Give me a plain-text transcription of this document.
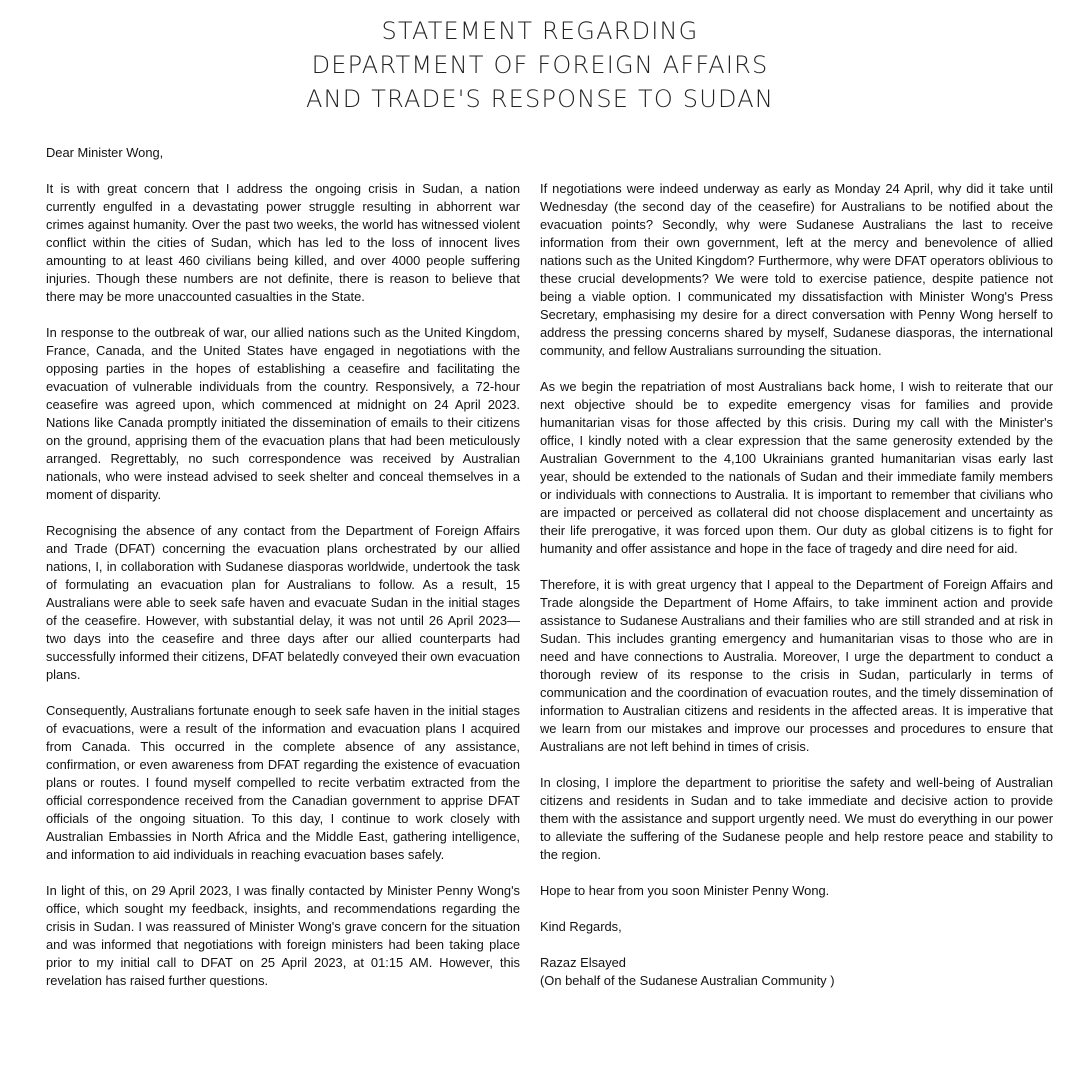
STATEMENT REGARDING
DEPARTMENT OF FOREIGN AFFAIRS
AND TRADE'S RESPONSE TO SUDAN

Dear Minister Wong,

It is with great concern that I address the ongoing crisis in Sudan, a nation currently engulfed in a devastating power struggle resulting in abhorrent war crimes against humanity. Over the past two weeks, the world has witnessed violent conflict within the cities of Sudan, which has led to the loss of innocent lives amounting to at least 460 civilians being killed, and over 4000 people suffering injuries. Though these numbers are not definite, there is reason to believe that there may be more unaccounted casualties in the State.

In response to the outbreak of war, our allied nations such as the United Kingdom, France, Canada, and the United States have engaged in negotiations with the opposing parties in the hopes of establishing a ceasefire and facilitating the evacuation of vulnerable individuals from the country. Responsively, a 72-hour ceasefire was agreed upon, which commenced at midnight on 24 April 2023. Nations like Canada promptly initiated the dissemination of emails to their citizens on the ground, apprising them of the evacuation plans that had been meticulously arranged. Regrettably, no such correspondence was received by Australian nationals, who were instead advised to seek shelter and conceal themselves in a moment of disparity.

Recognising the absence of any contact from the Department of Foreign Affairs and Trade (DFAT) concerning the evacuation plans orchestrated by our allied nations, I, in collaboration with Sudanese diasporas worldwide, undertook the task of formulating an evacuation plan for Australians to follow. As a result, 15 Australians were able to seek safe haven and evacuate Sudan in the initial stages of the ceasefire. However, with substantial delay, it was not until 26 April 2023—two days into the ceasefire and three days after our allied counterparts had successfully informed their citizens, DFAT belatedly conveyed their own evacuation plans.

Consequently, Australians fortunate enough to seek safe haven in the initial stages of evacuations, were a result of the information and evacuation plans I acquired from Canada. This occurred in the complete absence of any assistance, confirmation, or even awareness from DFAT regarding the existence of evacuation plans or routes. I found myself compelled to recite verbatim extracted from the official correspondence received from the Canadian government to apprise DFAT officials of the ongoing situation. To this day, I continue to work closely with Australian Embassies in North Africa and the Middle East, gathering intelligence, and information to aid individuals in reaching evacuation bases safely.

In light of this, on 29 April 2023, I was finally contacted by Minister Penny Wong's office, which sought my feedback, insights, and recommendations regarding the crisis in Sudan. I was reassured of Minister Wong's grave concern for the situation and was informed that negotiations with foreign ministers had been taking place prior to my initial call to DFAT on 25 April 2023, at 01:15 AM. However, this revelation has raised further questions.

If negotiations were indeed underway as early as Monday 24 April, why did it take until Wednesday (the second day of the ceasefire) for Australians to be notified about the evacuation points? Secondly, why were Sudanese Australians the last to receive information from their own government, left at the mercy and benevolence of allied nations such as the United Kingdom? Furthermore, why were DFAT operators oblivious to these crucial developments? We were told to exercise patience, despite patience not being a viable option. I communicated my dissatisfaction with Minister Wong's Press Secretary, emphasising my desire for a direct conversation with Penny Wong herself to address the pressing concerns shared by myself, Sudanese diasporas, the international community, and fellow Australians surrounding the situation.

As we begin the repatriation of most Australians back home, I wish to reiterate that our next objective should be to expedite emergency visas for families and provide humanitarian visas for those affected by this crisis. During my call with the Minister's office, I kindly noted with a clear expression that the same generosity extended by the Australian Government to the 4,100 Ukrainians granted humanitarian visas early last year, should be extended to the nationals of Sudan and their immediate family members or individuals with connections to Australia. It is important to remember that civilians who are impacted or perceived as collateral did not choose displacement and uncertainty as their life prerogative, it was forced upon them. Our duty as global citizens is to fight for humanity and offer assistance and hope in the face of tragedy and dire need for aid.

Therefore, it is with great urgency that I appeal to the Department of Foreign Affairs and Trade alongside the Department of Home Affairs, to take imminent action and provide assistance to Sudanese Australians and their families who are still stranded and at risk in Sudan. This includes granting emergency and humanitarian visas to those who are in need and have connections to Australia. Moreover, I urge the department to conduct a thorough review of its response to the crisis in Sudan, particularly in terms of communication and the coordination of evacuation routes, and the timely dissemination of information to Australian citizens and residents in the affected areas. It is imperative that we learn from our mistakes and improve our processes and procedures to ensure that Australians are not left behind in times of crisis.

In closing, I implore the department to prioritise the safety and well-being of Australian citizens and residents in Sudan and to take immediate and decisive action to provide them with the assistance and support urgently need. We must do everything in our power to alleviate the suffering of the Sudanese people and help restore peace and stability to the region.

Hope to hear from you soon Minister Penny Wong.

Kind Regards,

Razaz Elsayed
(On behalf of the Sudanese Australian Community )
